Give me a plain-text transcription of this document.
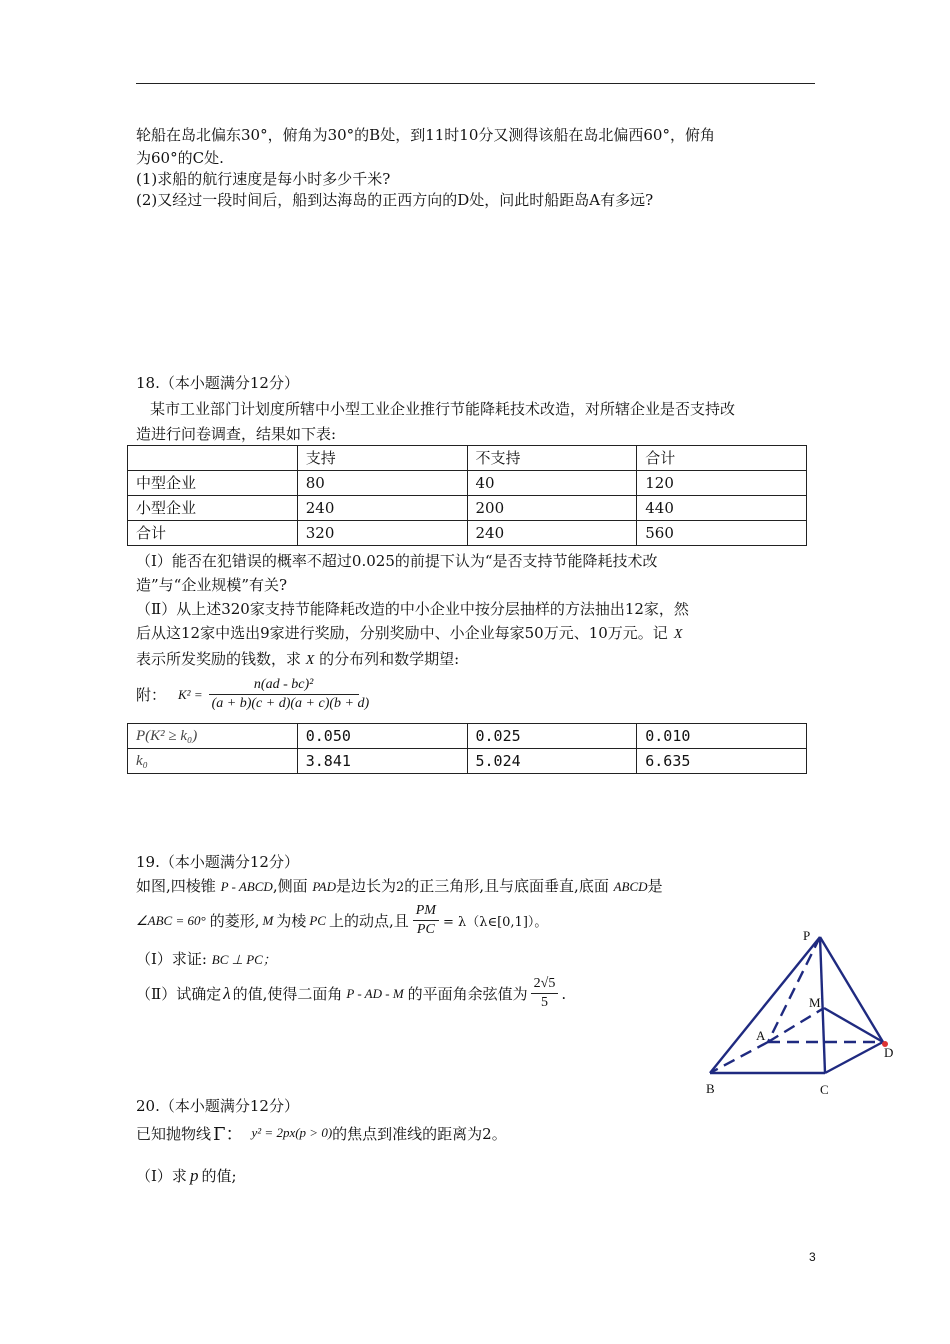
轮船在岛北偏东30°，俯角为30°的B处，到11时10分又测得该船在岛北偏西60°，俯角
为60°的C处.
(1)求船的航行速度是每小时多少千米?
(2)又经过一段时间后，船到达海岛的正西方向的D处，问此时船距岛A有多远?
18.（本小题满分12分）
某市工业部门计划度所辖中小型工业企业推行节能降耗技术改造，对所辖企业是否支持改
造进行问卷调查，结果如下表:
	支持	不支持	合计
中型企业	80	40	120
小型企业	240	200	440
合计	320	240	560
（Ⅰ）能否在犯错误的概率不超过0.025的前提下认为“是否支持节能降耗技术改
造”与“企业规模”有关?
（Ⅱ）从上述320家支持节能降耗改造的中小企业中按分层抽样的方法抽出12家，然
后从这12家中选出9家进行奖励，分别奖励中、小企业每家50万元、10万元。记 X
表示所发奖励的钱数，求 X 的分布列和数学期望:
附： $K^2 = \frac{\text{n(ad - bc)²}}{(a + b)(c + d)(a + c)(b + d)}$
P(K² ≥ k₀)	0.050	0.025	0.010
k₀	3.841	5.024	6.635
19.（本小题满分12分）
如图,四棱锥 P - ABCD,侧面 PAD是边长为2的正三角形,且与底面垂直,底面 ABCD是
∠ABC = 60° 的菱形, M 为棱 PC 上的动点,且 $\frac{PM}{PC}$ = λ（λ∈[0,1]）。
（Ⅰ）求证: BC ⊥ PC；
（Ⅱ）试确定 λ 的值,使得二面角 P - AD - M 的平面角余弦值为 $\frac{2√5}{5}$ .
P
M
A
D
B	C
20.（本小题满分12分）
已知抛物线 Γ： y² = 2px(p > 0) 的焦点到准线的距离为2。
（Ⅰ）求 p 的值;
3
